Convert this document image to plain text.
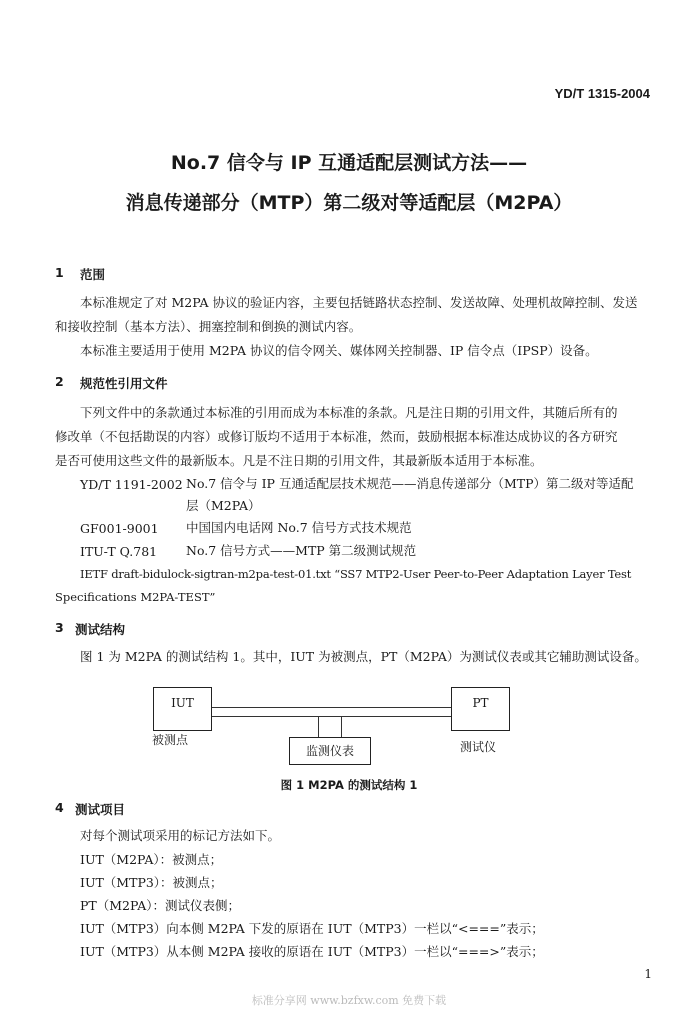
YD/T 1315-2004
No.7 信令与 IP 互通适配层测试方法——
消息传递部分（MTP）第二级对等适配层（M2PA）
1 范围
本标准规定了对 M2PA 协议的验证内容，主要包括链路状态控制、发送故障、处理机故障控制、发送
和接收控制（基本方法）、拥塞控制和倒换的测试内容。
本标准主要适用于使用 M2PA 协议的信令网关、媒体网关控制器、IP 信令点（IPSP）设备。
2 规范性引用文件
下列文件中的条款通过本标准的引用而成为本标准的条款。凡是注日期的引用文件，其随后所有的
修改单（不包括勘误的内容）或修订版均不适用于本标准，然而，鼓励根据本标准达成协议的各方研究
是否可使用这些文件的最新版本。凡是不注日期的引用文件，其最新版本适用于本标准。
YD/T 1191-2002 No.7 信令与 IP 互通适配层技术规范——消息传递部分（MTP）第二级对等适配
层（M2PA）
GF001-9001 中国国内电话网 No.7 信号方式技术规范
ITU-T Q.781 No.7 信号方式——MTP 第二级测试规范
IETF draft-bidulock-sigtran-m2pa-test-01.txt “SS7 MTP2-User Peer-to-Peer Adaptation Layer Test
Specifications M2PA-TEST”
3 测试结构
图 1 为 M2PA 的测试结构 1。其中，IUT 为被测点，PT（M2PA）为测试仪表或其它辅助测试设备。
IUT	PT
监测仪表
被测点	测试仪
图 1 M2PA 的测试结构 1
4 测试项目
对每个测试项采用的标记方法如下。
IUT（M2PA）：被测点；
IUT（MTP3）：被测点；
PT（M2PA）：测试仪表侧；
IUT（MTP3）向本侧 M2PA 下发的原语在 IUT（MTP3）一栏以“<===”表示；
IUT（MTP3）从本侧 M2PA 接收的原语在 IUT（MTP3）一栏以“===>”表示；
1
标准分享网 www.bzfxw.com 免费下载
